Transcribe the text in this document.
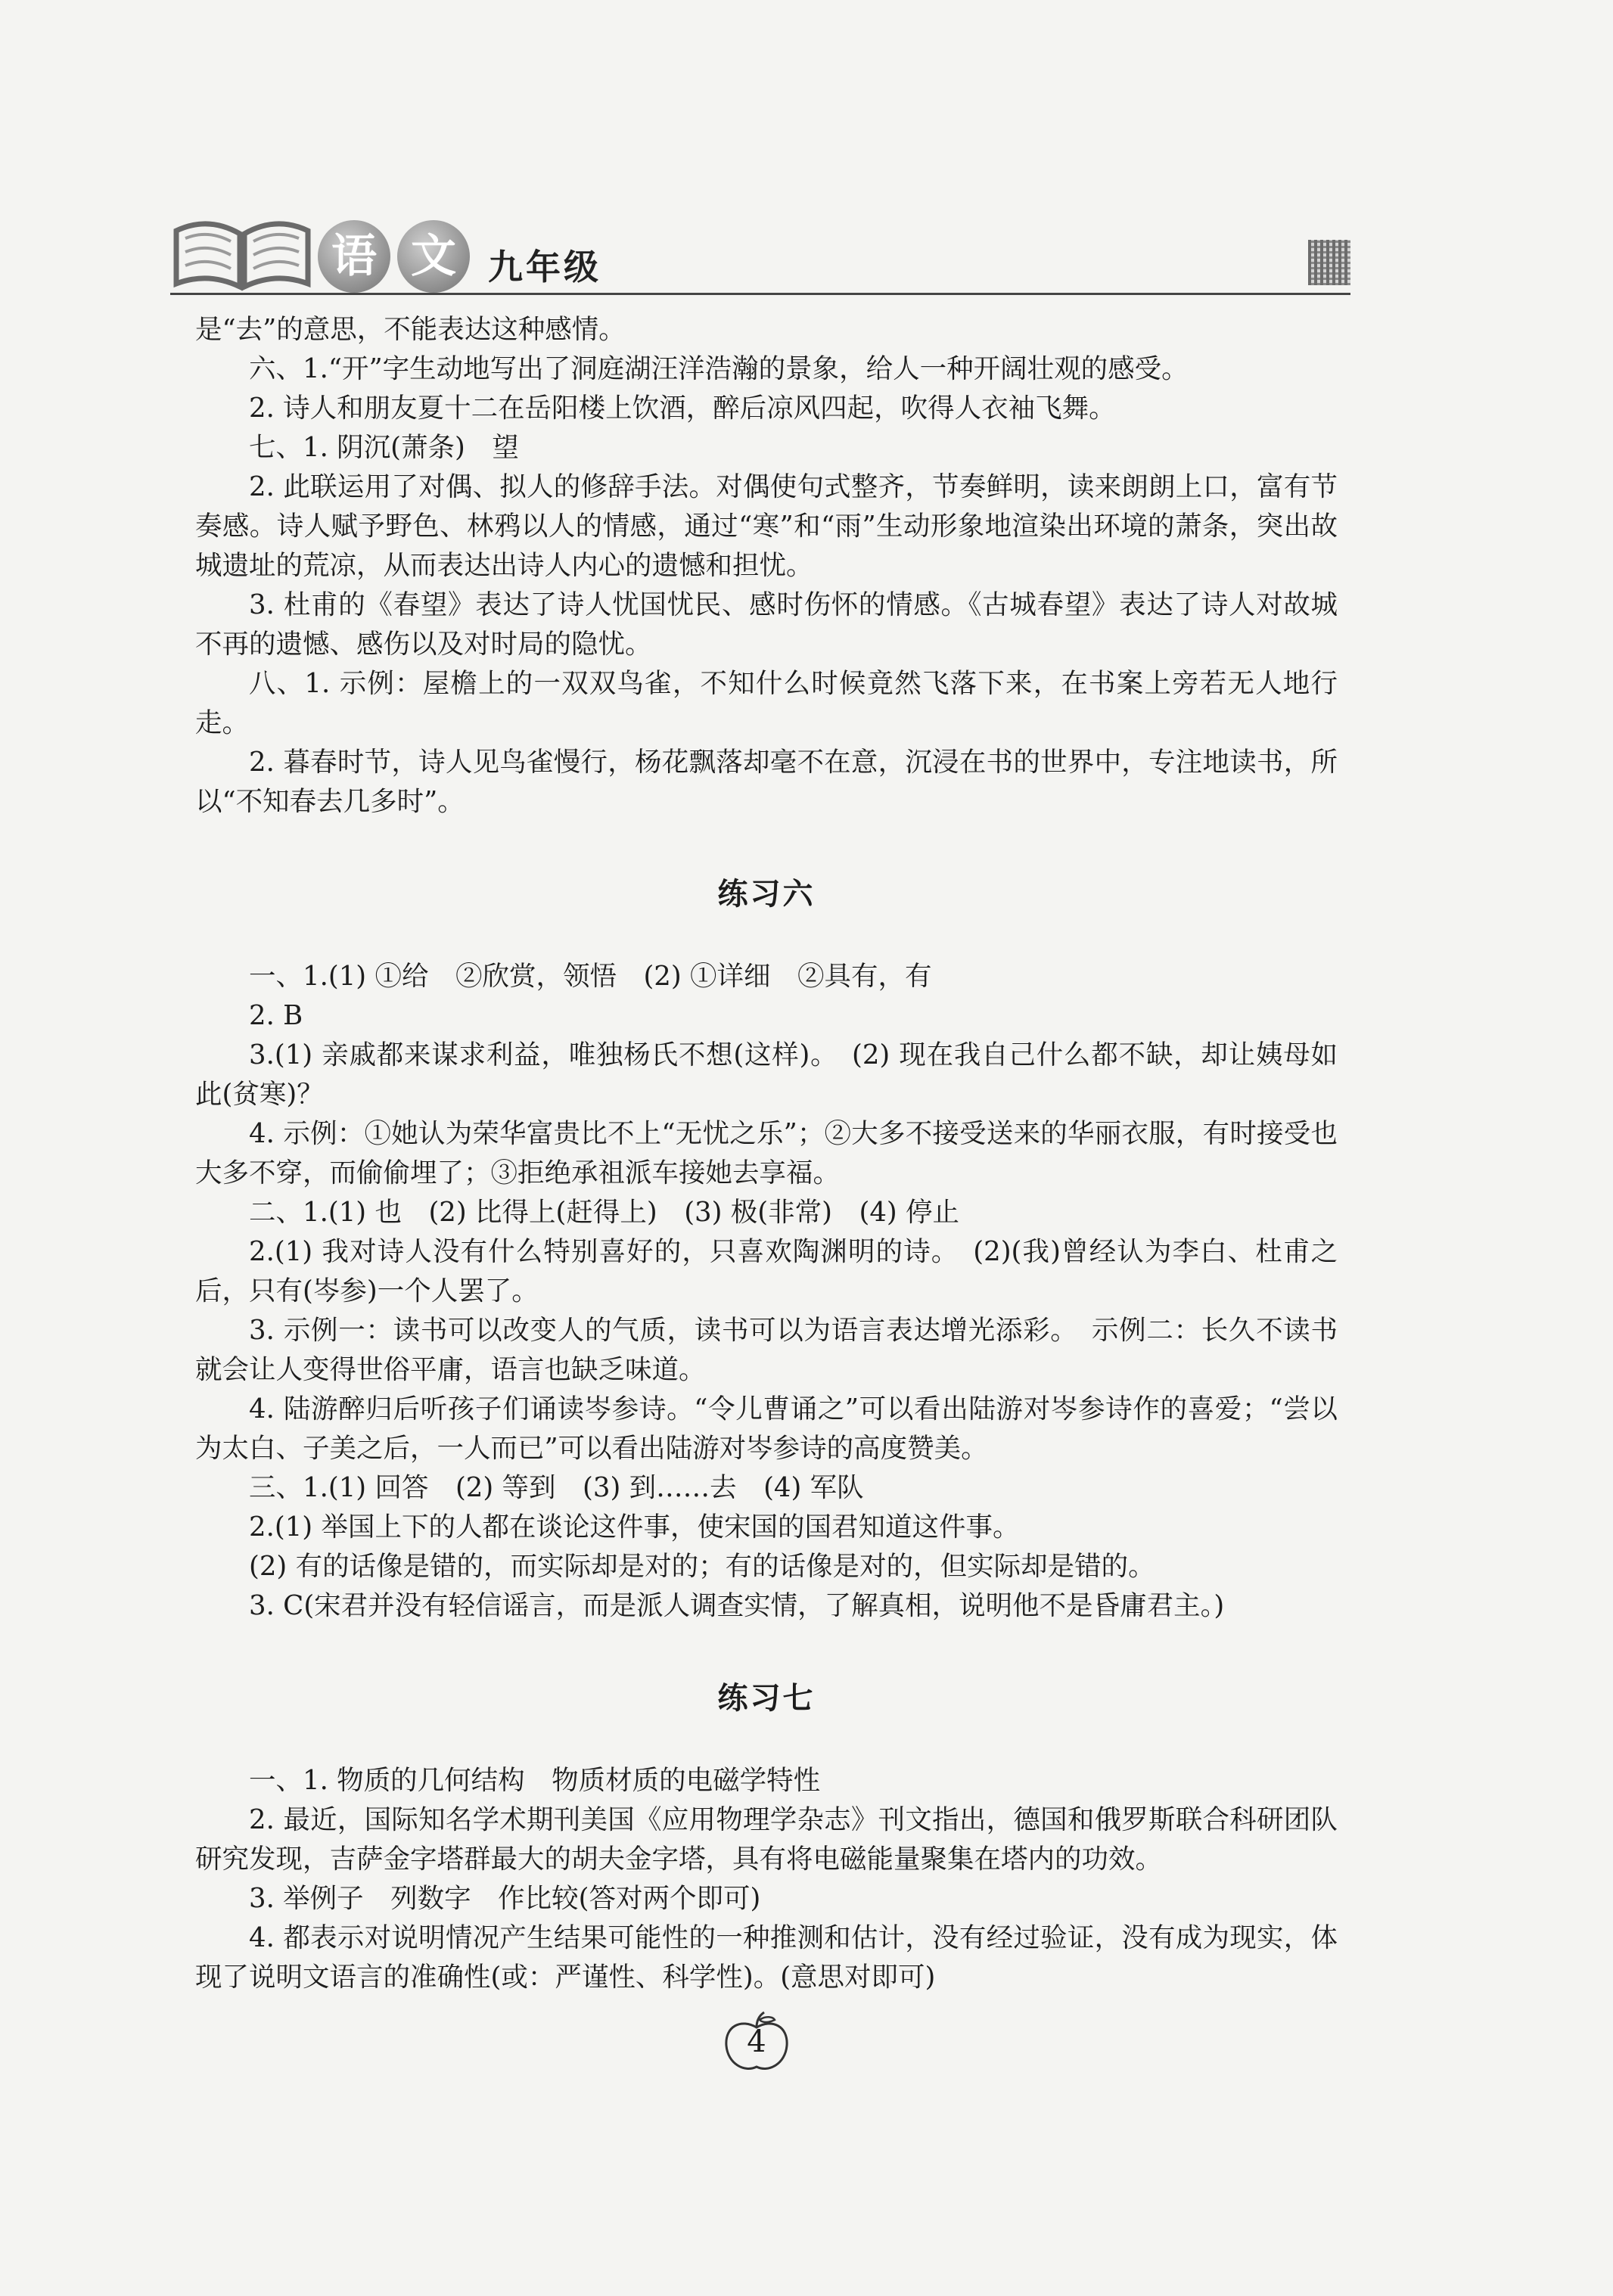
语 文 九年级

是“去”的意思，不能表达这种感情。

六、1.“开”字生动地写出了洞庭湖汪洋浩瀚的景象，给人一种开阔壮观的感受。

2. 诗人和朋友夏十二在岳阳楼上饮酒，醉后凉风四起，吹得人衣袖飞舞。

七、1. 阴沉(萧条)　望

2. 此联运用了对偶、拟人的修辞手法。对偶使句式整齐，节奏鲜明，读来朗朗上口，富有节奏感。诗人赋予野色、林鸦以人的情感，通过“寒”和“雨”生动形象地渲染出环境的萧条，突出故城遗址的荒凉，从而表达出诗人内心的遗憾和担忧。

3. 杜甫的《春望》表达了诗人忧国忧民、感时伤怀的情感。《古城春望》表达了诗人对故城不再的遗憾、感伤以及对时局的隐忧。

八、1. 示例：屋檐上的一双双鸟雀，不知什么时候竟然飞落下来，在书案上旁若无人地行走。

2. 暮春时节，诗人见鸟雀慢行，杨花飘落却毫不在意，沉浸在书的世界中，专注地读书，所以“不知春去几多时”。

练习六

一、1.(1) ①给　②欣赏，领悟　(2) ①详细　②具有，有

2. B

3.(1) 亲戚都来谋求利益，唯独杨氏不想(这样)。　(2) 现在我自己什么都不缺，却让姨母如此(贫寒)？

4. 示例：①她认为荣华富贵比不上“无忧之乐”；②大多不接受送来的华丽衣服，有时接受也大多不穿，而偷偷埋了；③拒绝承祖派车接她去享福。

二、1.(1) 也　(2) 比得上(赶得上)　(3) 极(非常)　(4) 停止

2.(1) 我对诗人没有什么特别喜好的，只喜欢陶渊明的诗。　(2)(我)曾经认为李白、杜甫之后，只有(岑参)一个人罢了。

3. 示例一：读书可以改变人的气质，读书可以为语言表达增光添彩。　示例二：长久不读书就会让人变得世俗平庸，语言也缺乏味道。

4. 陆游醉归后听孩子们诵读岑参诗。“令儿曹诵之”可以看出陆游对岑参诗作的喜爱；“尝以为太白、子美之后，一人而已”可以看出陆游对岑参诗的高度赞美。

三、1.(1) 回答　(2) 等到　(3) 到……去　(4) 军队

2.(1) 举国上下的人都在谈论这件事，使宋国的国君知道这件事。

(2) 有的话像是错的，而实际却是对的；有的话像是对的，但实际却是错的。

3. C(宋君并没有轻信谣言，而是派人调查实情，了解真相，说明他不是昏庸君主。)

练习七

一、1. 物质的几何结构　物质材质的电磁学特性

2. 最近，国际知名学术期刊美国《应用物理学杂志》刊文指出，德国和俄罗斯联合科研团队研究发现，吉萨金字塔群最大的胡夫金字塔，具有将电磁能量聚集在塔内的功效。

3. 举例子　列数字　作比较(答对两个即可)

4. 都表示对说明情况产生结果可能性的一种推测和估计，没有经过验证，没有成为现实，体现了说明文语言的准确性(或：严谨性、科学性)。(意思对即可)

4
